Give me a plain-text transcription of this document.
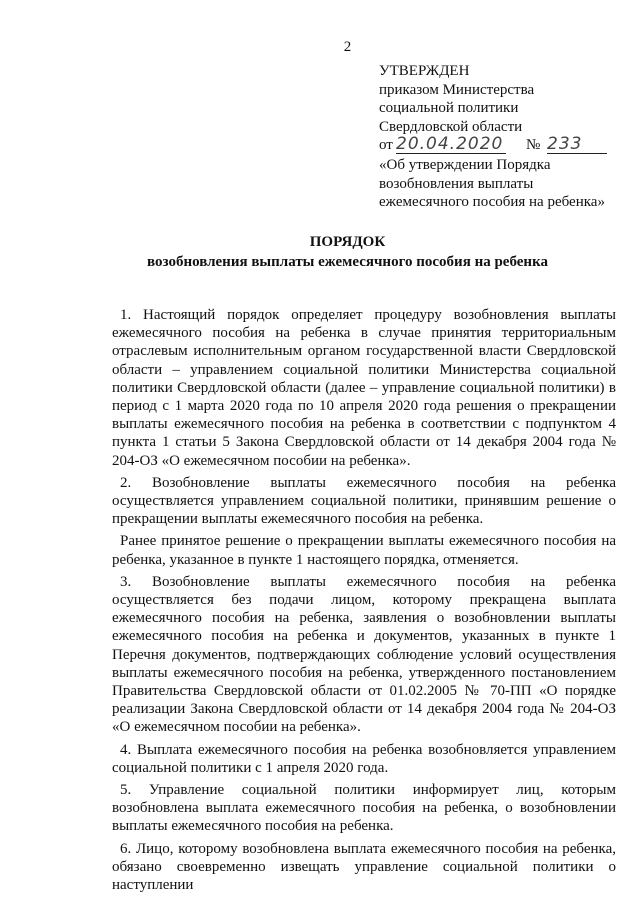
2
УТВЕРЖДЕН
приказом Министерства
социальной политики
Свердловской области
от 20.04.2020 № 233
«Об утверждении Порядка
возобновления выплаты
ежемесячного пособия на ребенка»
ПОРЯДОК
возобновления выплаты ежемесячного пособия на ребенка

1. Настоящий порядок определяет процедуру возобновления выплаты ежемесячного пособия на ребенка в случае принятия территориальным отраслевым исполнительным органом государственной власти Свердловской области – управлением социальной политики Министерства социальной политики Свердловской области (далее – управление социальной политики) в период с 1 марта 2020 года по 10 апреля 2020 года решения о прекращении выплаты ежемесячного пособия на ребенка в соответствии с подпунктом 4 пункта 1 статьи 5 Закона Свердловской области от 14 декабря 2004 года № 204-ОЗ «О ежемесячном пособии на ребенка».

2. Возобновление выплаты ежемесячного пособия на ребенка осуществляется управлением социальной политики, принявшим решение о прекращении выплаты ежемесячного пособия на ребенка.

Ранее принятое решение о прекращении выплаты ежемесячного пособия на ребенка, указанное в пункте 1 настоящего порядка, отменяется.

3. Возобновление выплаты ежемесячного пособия на ребенка осуществляется без подачи лицом, которому прекращена выплата ежемесячного пособия на ребенка, заявления о возобновлении выплаты ежемесячного пособия на ребенка и документов, указанных в пункте 1 Перечня документов, подтверждающих соблюдение условий осуществления выплаты ежемесячного пособия на ребенка, утвержденного постановлением Правительства Свердловской области от 01.02.2005 № 70-ПП «О порядке реализации Закона Свердловской области от 14 декабря 2004 года № 204-ОЗ «О ежемесячном пособии на ребенка».

4. Выплата ежемесячного пособия на ребенка возобновляется управлением социальной политики с 1 апреля 2020 года.

5. Управление социальной политики информирует лиц, которым возобновлена выплата ежемесячного пособия на ребенка, о возобновлении выплаты ежемесячного пособия на ребенка.

6. Лицо, которому возобновлена выплата ежемесячного пособия на ребенка, обязано своевременно извещать управление социальной политики о наступлении
